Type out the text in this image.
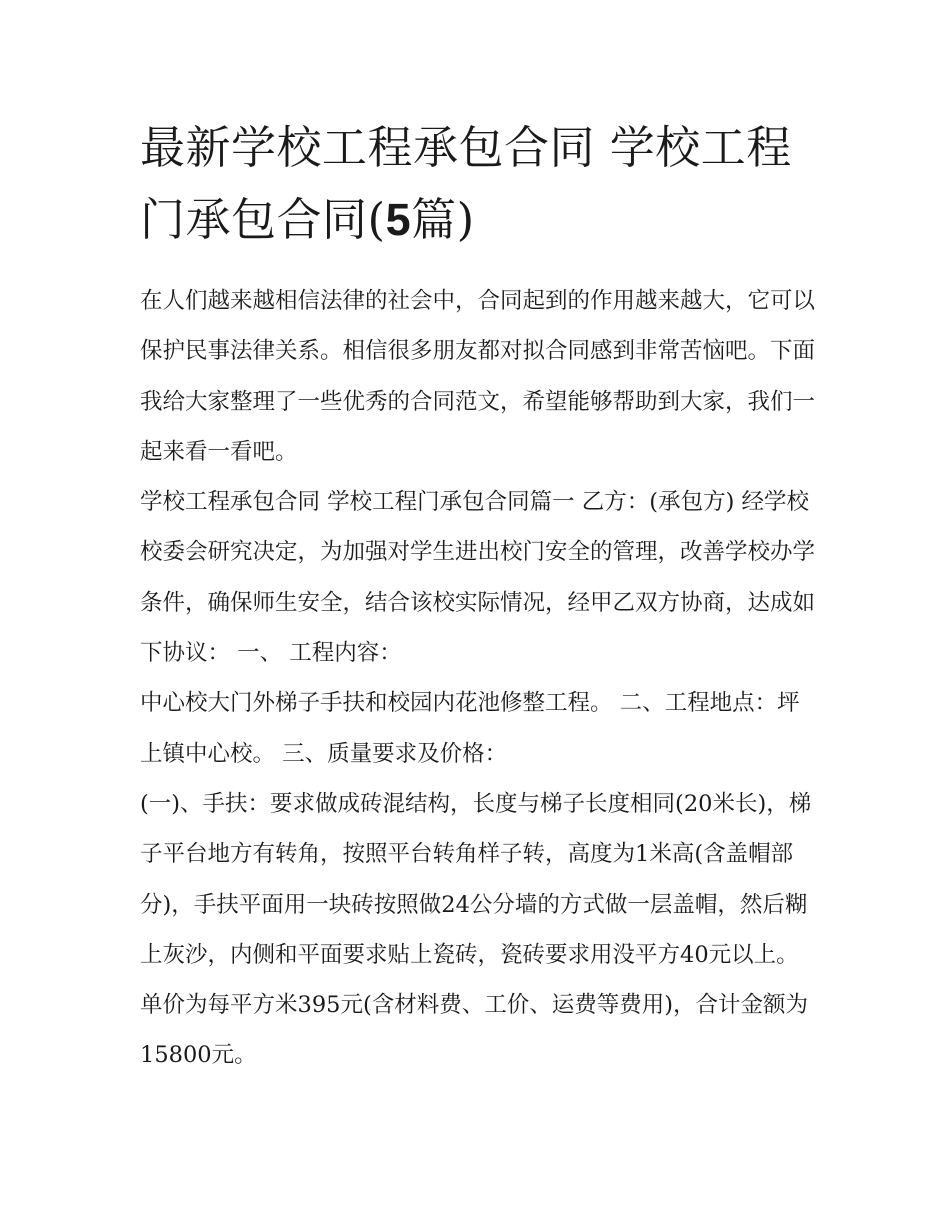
最新学校工程承包合同 学校工程门承包合同(5篇)

在人们越来越相信法律的社会中，合同起到的作用越来越大，它可以保护民事法律关系。相信很多朋友都对拟合同感到非常苦恼吧。下面我给大家整理了一些优秀的合同范文，希望能够帮助到大家，我们一起来看一看吧。

学校工程承包合同 学校工程门承包合同篇一 乙方：(承包方) 经学校校委会研究决定，为加强对学生进出校门安全的管理，改善学校办学条件，确保师生安全，结合该校实际情况，经甲乙双方协商，达成如下协议： 一、 工程内容：

中心校大门外梯子手扶和校园内花池修整工程。 二、工程地点：坪上镇中心校。 三、质量要求及价格：

(一)、手扶：要求做成砖混结构，长度与梯子长度相同(20米长)，梯子平台地方有转角，按照平台转角样子转，高度为1米高(含盖帽部分)，手扶平面用一块砖按照做24公分墙的方式做一层盖帽，然后糊上灰沙，内侧和平面要求贴上瓷砖，瓷砖要求用没平方40元以上。单价为每平方米395元(含材料费、工价、运费等费用)，合计金额为15800元。
